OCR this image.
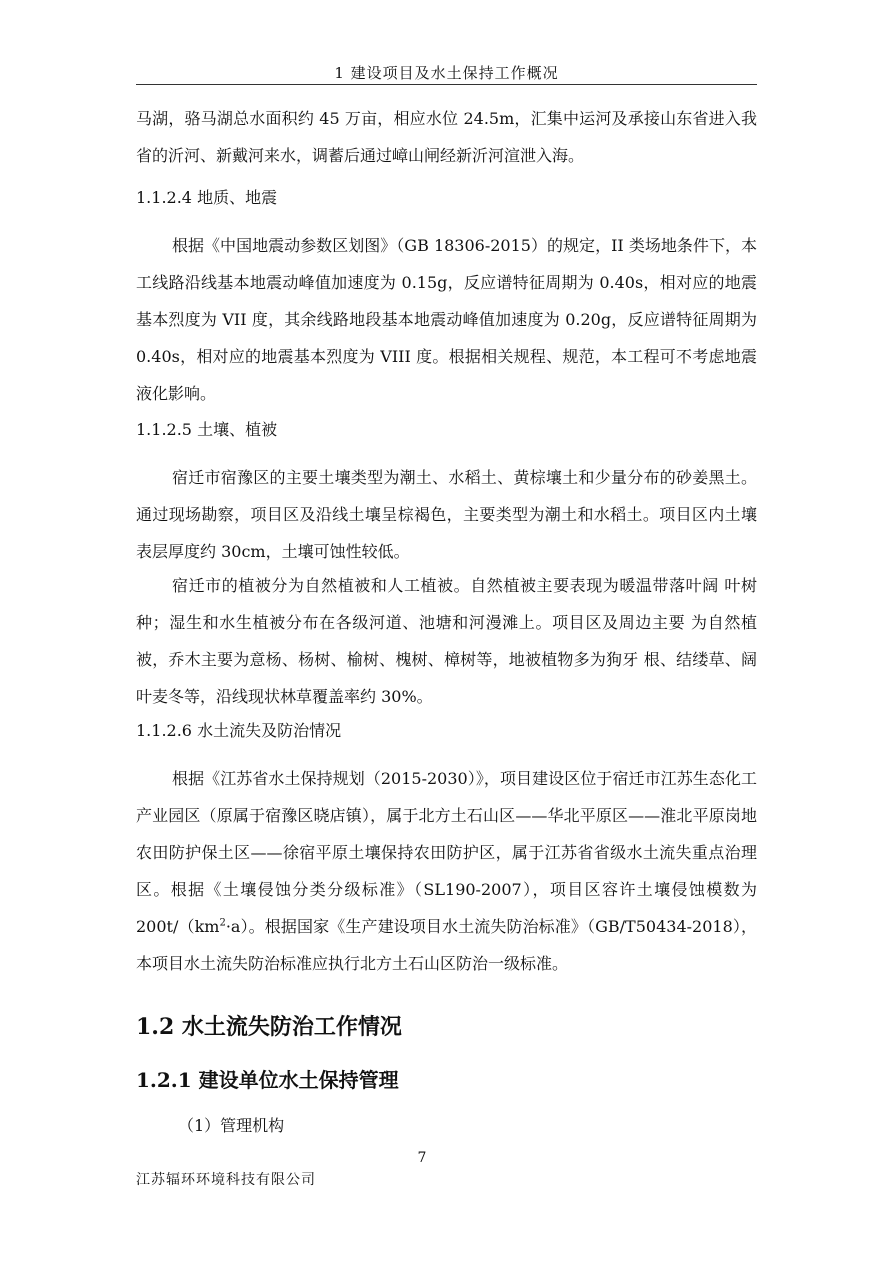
1 建设项目及水土保持工作概况
马湖，骆马湖总水面积约 45 万亩，相应水位 24.5m，汇集中运河及承接山东省进入我省的沂河、新戴河来水，调蓄后通过嶂山闸经新沂河渲泄入海。
1.1.2.4 地质、地震
根据《中国地震动参数区划图》（GB 18306-2015）的规定，II 类场地条件下，本工线路沿线基本地震动峰值加速度为 0.15g，反应谱特征周期为 0.40s，相对应的地震基本烈度为 VII 度，其余线路地段基本地震动峰值加速度为 0.20g，反应谱特征周期为 0.40s，相对应的地震基本烈度为 VIII 度。根据相关规程、规范，本工程可不考虑地震液化影响。
1.1.2.5 土壤、植被
宿迁市宿豫区的主要土壤类型为潮土、水稻土、黄棕壤土和少量分布的砂姜黑土。通过现场勘察，项目区及沿线土壤呈棕褐色，主要类型为潮土和水稻土。项目区内土壤表层厚度约 30cm，土壤可蚀性较低。
宿迁市的植被分为自然植被和人工植被。自然植被主要表现为暖温带落叶阔 叶树种；湿生和水生植被分布在各级河道、池塘和河漫滩上。项目区及周边主要 为自然植被，乔木主要为意杨、杨树、榆树、槐树、樟树等，地被植物多为狗牙 根、结缕草、阔叶麦冬等，沿线现状林草覆盖率约 30%。
1.1.2.6 水土流失及防治情况
根据《江苏省水土保持规划（2015-2030）》，项目建设区位于宿迁市江苏生态化工产业园区（原属于宿豫区晓店镇），属于北方土石山区——华北平原区——淮北平原岗地农田防护保土区——徐宿平原土壤保持农田防护区，属于江苏省省级水土流失重点治理区。根据《土壤侵蚀分类分级标准》（SL190-2007），项目区容许土壤侵蚀模数为 $200t/(km^2\cdot a)$。根据国家《生产建设项目水土流失防治标准》（GB/T50434-2018），本项目水土流失防治标准应执行北方土石山区防治一级标准。
1.2 水土流失防治工作情况
1.2.1 建设单位水土保持管理
（1）管理机构
7
江苏辐环环境科技有限公司
